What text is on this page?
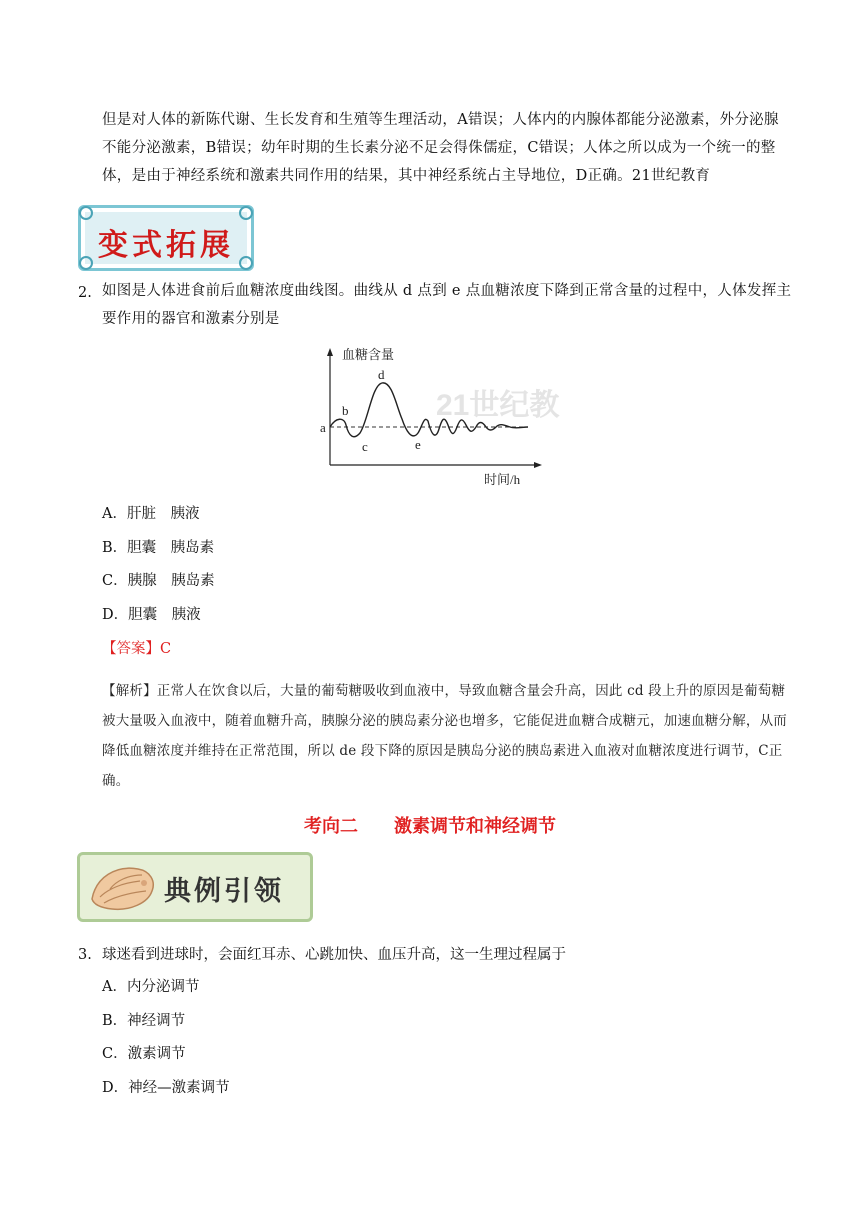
但是对人体的新陈代谢、生长发育和生殖等生理活动，A错误；人体内的内腺体都能分泌激素，外分泌腺不能分泌激素，B错误；幼年时期的生长素分泌不足会得侏儒症，C错误；人体之所以成为一个统一的整体，是由于神经系统和激素共同作用的结果，其中神经系统占主导地位，D正确。21世纪教育
变式拓展
2. 如图是人体进食前后血糖浓度曲线图。曲线从 d 点到 e 点血糖浓度下降到正常含量的过程中，人体发挥主要作用的器官和激素分别是
21世纪教
血糖含量
时间/h
a
b
c
d
e
A．肝脏　胰液
B．胆囊　胰岛素
C．胰腺　胰岛素
D．胆囊　胰液
【答案】C
【解析】正常人在饮食以后，大量的葡萄糖吸收到血液中，导致血糖含量会升高，因此 cd 段上升的原因是葡萄糖被大量吸入血液中，随着血糖升高，胰腺分泌的胰岛素分泌也增多，它能促进血糖合成糖元，加速血糖分解，从而降低血糖浓度并维持在正常范围，所以 de 段下降的原因是胰岛分泌的胰岛素进入血液对血糖浓度进行调节，C正确。
考向二　　激素调节和神经调节
典例引领
3. 球迷看到进球时，会面红耳赤、心跳加快、血压升高，这一生理过程属于
A．内分泌调节
B．神经调节
C．激素调节
D．神经—激素调节
